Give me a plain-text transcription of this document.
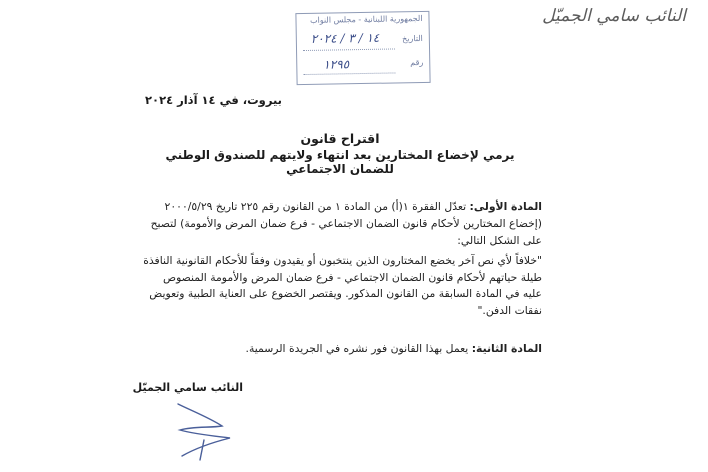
النائب سامي الجميّل
الجمهورية اللبنانية - مجلس النواب
التاريخ
١٤ / ٣ / ٢٠٢٤
رقم
١٢٩٥
بيروت، في ١٤ آذار ٢٠٢٤
اقتراح قانون
يرمي لإخضاع المختارين بعد انتهاء ولايتهم للصندوق الوطني للضمان الاجتماعي
المادة الأولى: تعدّل الفقرة ١(أ) من المادة ١ من القانون رقم ٢٢٥ تاريخ ٢٠٠٠/٥/٢٩ (إخضاع المختارين لأحكام قانون الضمان الاجتماعي - فرع ضمان المرض والأمومة) لتصبح على الشكل التالي:
"خلافاً لأي نص آخر يخضع المختارون الذين ينتخبون أو يقيدون وفقاً للأحكام القانونية النافذة طيلة حياتهم لأحكام قانون الضمان الاجتماعي - فرع ضمان المرض والأمومة المنصوص عليه في المادة السابقة من القانون المذكور. ويقتصر الخضوع على العناية الطبية وتعويض نفقات الدفن."
المادة الثانية: يعمل بهذا القانون فور نشره في الجريدة الرسمية.
النائب سامي الجميّل
